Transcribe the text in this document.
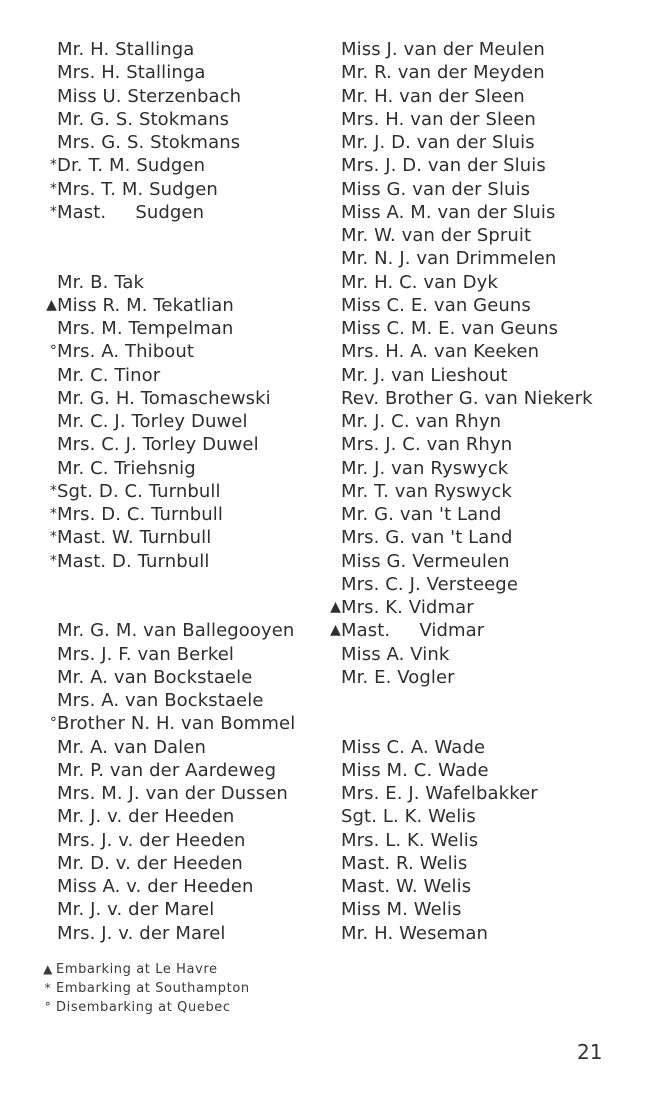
Mr. H. Stallinga
Mrs. H. Stallinga
Miss U. Sterzenbach
Mr. G. S. Stokmans
Mrs. G. S. Stokmans
*Dr. T. M. Sudgen
*Mrs. T. M. Sudgen
*Mast.     Sudgen
Mr. B. Tak
▲Miss R. M. Tekatlian
Mrs. M. Tempelman
°Mrs. A. Thibout
Mr. C. Tinor
Mr. G. H. Tomaschewski
Mr. C. J. Torley Duwel
Mrs. C. J. Torley Duwel
Mr. C. Triehsnig
*Sgt. D. C. Turnbull
*Mrs. D. C. Turnbull
*Mast. W. Turnbull
*Mast. D. Turnbull
Mr. G. M. van Ballegooyen
Mrs. J. F. van Berkel
Mr. A. van Bockstaele
Mrs. A. van Bockstaele
°Brother N. H. van Bommel
Mr. A. van Dalen
Mr. P. van der Aardeweg
Mrs. M. J. van der Dussen
Mr. J. v. der Heeden
Mrs. J. v. der Heeden
Mr. D. v. der Heeden
Miss A. v. der Heeden
Mr. J. v. der Marel
Mrs. J. v. der Marel
Miss J. van der Meulen
Mr. R. van der Meyden
Mr. H. van der Sleen
Mrs. H. van der Sleen
Mr. J. D. van der Sluis
Mrs. J. D. van der Sluis
Miss G. van der Sluis
Miss A. M. van der Sluis
Mr. W. van der Spruit
Mr. N. J. van Drimmelen
Mr. H. C. van Dyk
Miss C. E. van Geuns
Miss C. M. E. van Geuns
Mrs. H. A. van Keeken
Mr. J. van Lieshout
Rev. Brother G. van Niekerk
Mr. J. C. van Rhyn
Mrs. J. C. van Rhyn
Mr. J. van Ryswyck
Mr. T. van Ryswyck
Mr. G. van 't Land
Mrs. G. van 't Land
Miss G. Vermeulen
Mrs. C. J. Versteege
▲Mrs. K. Vidmar
▲Mast.     Vidmar
Miss A. Vink
Mr. E. Vogler
Miss C. A. Wade
Miss M. C. Wade
Mrs. E. J. Wafelbakker
Sgt. L. K. Welis
Mrs. L. K. Welis
Mast. R. Welis
Mast. W. Welis
Miss M. Welis
Mr. H. Weseman
▲ Embarking at Le Havre
* Embarking at Southampton
° Disembarking at Quebec
21
